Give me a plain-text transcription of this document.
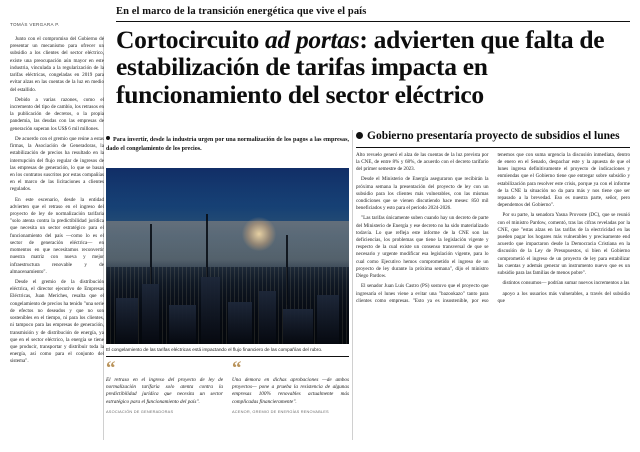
En el marco de la transición energética que vive el país
TOMÁS VERGARA P.
Cortocircuito ad portas: advierten que falta de estabilización de tarifas impacta en funcionamiento del sector eléctrico

Junto con el compromiso del Gobierno de presentar un mecanismo para ofrecer un subsidio a los clientes del sector eléctrico, existe una preocupación aún mayor en este industria, vinculada a la regularización de la tarifas eléctricas, congeladas en 2019 para evitar alzas en las cuentas de la luz en medio del estallido.

Debido a varias razones, como el incremento del tipo de cambio, los retrasos en la publicación de decretos, o la propia pandemia, las deudas con las empresas de generación superan los US$ 6 mil millones.

De acuerdo con el gremio que reúne a estas firmas, la Asociación de Generadoras, la estabilización de precios ha resultado en la interrupción del flujo regular de ingresos de las empresas de generación, lo que se basan en los contratos suscritos por estas compañías en el marco de las licitaciones a clientes regulados.

En este escenario, desde la entidad advierten que el retraso en el ingreso del proyecto de ley de normalización tarifaria "solo atenta contra la predictibilidad jurídica que necesita un sector estratégico para el funcionamiento del país —como lo es el sector de generación eléctrica— en momentos en que necesitamos reconvertir nuestra matriz con nueva y mejor infraestructura renovable y de almacenamiento".

Desde el gremio de la distribución eléctrica, el director ejecutivo de Empresas Eléctricas, Juan Meriches, resalta que el congelamiento de precios ha tenido "una serie de efectos no deseados y que no son sostenibles en el tiempo, ni para los clientes, ni tampoco para las empresas de generación, transmisión y de distribución de energía, ya que en el sector eléctrico, la energía se tiene que producir, transportar y distribuir toda la energía, así como para el conjunto del sistema".

Para invertir, desde la industria urgen por una normalización de los pagos a las empresas, dado el congelamiento de los precios.
El congelamiento de las tarifas eléctricas está impactando el flujo financiero de las compañías del rubro.
“
El retraso en el ingreso del proyecto de ley de normalización tarifaria solo atenta contra la predictibilidad jurídica que necesita un sector estratégico para el funcionamiento del país".
ASOCIACIÓN DE GENERADORAS
“
Una demora en dichas aprobaciones —de ambos proyectos— pone a prueba la resistencia de algunas empresas 100% renovables actualmente más complicadas financieramente".
ACENOR, GREMIO DE ENERGÍAS RENOVABLES
Gobierno presentaría proyecto de subsidios el lunes

Alto revuelo generó el alza de las cuentas de la luz prevista por la CNE, de entre 8% y 68%, de acuerdo con el decreto tarifario del primer semestre de 2023.

Desde el Ministerio de Energía aseguraron que recibirán la próxima semana la presentación del proyecto de ley con un subsidio para los clientes más vulnerables, con las mismas condiciones que se vienen discutiendo hace meses: 850 mil beneficiados y esto para el periodo 2024-2026.

"Las tarifas únicamente suben cuando hay un decreto de parte del Ministerio de Energía y ese decreto no ha sido materializado todavía. Lo que refleja este informe de la CNE son las deficiencias, los problemas que tiene la legislación vigente y respecto de la cual existe un consenso transversal de que se necesario y urgente modificar esa legislación vigente, para lo cual como Ejecutivo hemos comprometido el ingreso de un proyecto de ley durante la próxima semana", dijo el ministro Diego Pardow.

El senador Juan Luis Castro (PS) sostuvo que el proyecto que ingresaría el lunes viene a evitar una "bazookazo" tanto para clientes como empresas. "Esto ya es insostenible, por eso tenemos que con suma urgencia la discusión inmediata, dentro de enero en el Senado, despachar este y la apuesta de que el lunes ingresa definitivamente el proyecto de indicaciones y enmiendas que el Gobierno tiene que entregar sobre subsidio y estabilización para resolver este crisis, porque ya con el informe de la CNE la situación no da para más y nos tiene que ser repasado a la brevedad. Eso es nuestra parte, señor, pero dependemos del Gobierno".

Por su parte, la senadora Yasna Provoste (DC), que se reunió con el ministro Pardow, comentó, tras las cifras reveladas por la CNE, que "estas alzas en las tarifas de la electricidad en las pueden pagar los hogares más vulnerables y precisamente end acuerdo que impactaron desde la Democracia Cristiana en la discusión de la Ley de Presupuestos, si bien el Gobierno comprometió el ingreso de un proyecto de ley para estabilizar las cuentas y además generar un instrumento nuevo que es un subsidio para las familias de menos pobre".

distintos consumos— podrían sumar nuevos incrementos a las

apoyo a los usuarios más vulnerables, a través del subsidio que
